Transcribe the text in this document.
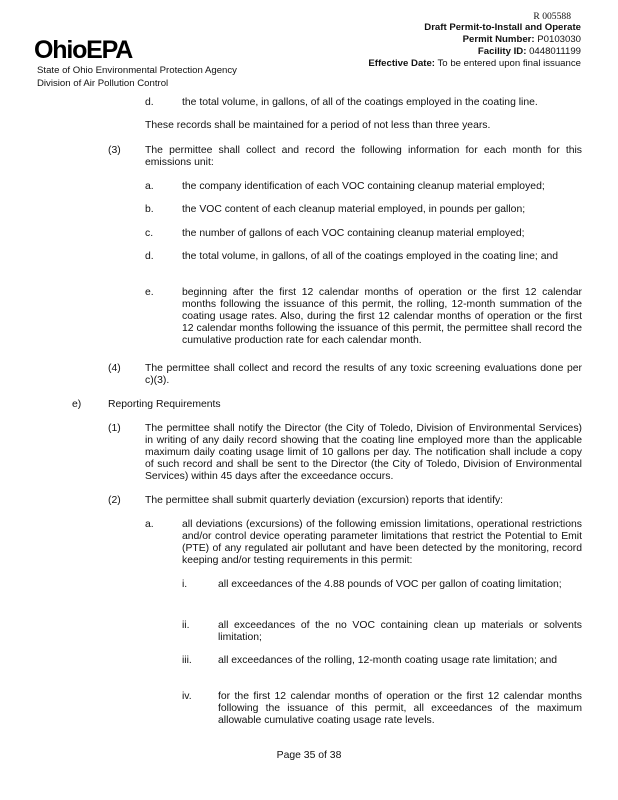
R 005588
OhioEPA
State of Ohio Environmental Protection Agency
Division of Air Pollution Control
Draft Permit-to-Install and Operate
Permit Number: P0103030
Facility ID: 0448011199
Effective Date: To be entered upon final issuance
d.	the total volume, in gallons, of all of the coatings employed in the coating line.
These records shall be maintained for a period of not less than three years.
(3) The permittee shall collect and record the following information for each month for this emissions unit:
a.	the company identification of each VOC containing cleanup material employed;
b.	the VOC content of each cleanup material employed, in pounds per gallon;
c.	the number of gallons of each VOC containing cleanup material employed;
d.	the total volume, in gallons, of all of the coatings employed in the coating line; and
e.	beginning after the first 12 calendar months of operation or the first 12 calendar months following the issuance of this permit, the rolling, 12-month summation of the coating usage rates. Also, during the first 12 calendar months of operation or the first 12 calendar months following the issuance of this permit, the permittee shall record the cumulative production rate for each calendar month.
(4) The permittee shall collect and record the results of any toxic screening evaluations done per c)(3).
e)	Reporting Requirements
(1) The permittee shall notify the Director (the City of Toledo, Division of Environmental Services) in writing of any daily record showing that the coating line employed more than the applicable maximum daily coating usage limit of 10 gallons per day. The notification shall include a copy of such record and shall be sent to the Director (the City of Toledo, Division of Environmental Services) within 45 days after the exceedance occurs.
(2) The permittee shall submit quarterly deviation (excursion) reports that identify:
a.	all deviations (excursions) of the following emission limitations, operational restrictions and/or control device operating parameter limitations that restrict the Potential to Emit (PTE) of any regulated air pollutant and have been detected by the monitoring, record keeping and/or testing requirements in this permit:
i.	all exceedances of the 4.88 pounds of VOC per gallon of coating limitation;
ii.	all exceedances of the no VOC containing clean up materials or solvents limitation;
iii.	all exceedances of the rolling, 12-month coating usage rate limitation; and
iv.	for the first 12 calendar months of operation or the first 12 calendar months following the issuance of this permit, all exceedances of the maximum allowable cumulative coating usage rate levels.
Page 35 of 38
